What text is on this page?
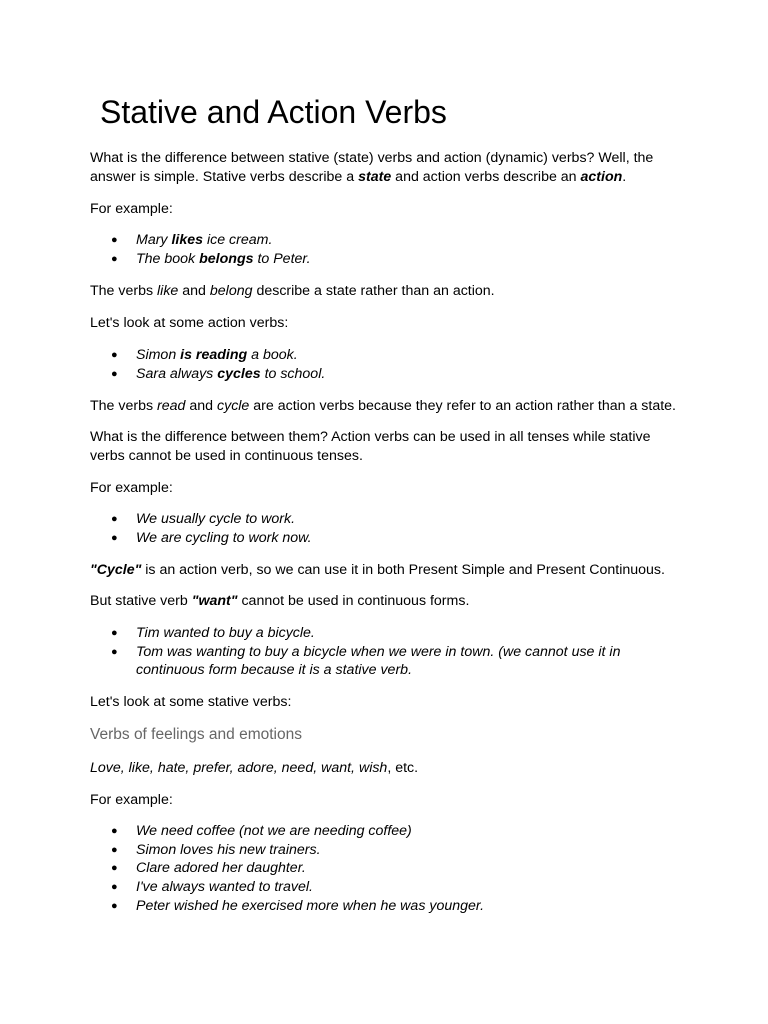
Stative and Action Verbs

What is the difference between stative (state) verbs and action (dynamic) verbs? Well, the answer is simple. Stative verbs describe a state and action verbs describe an action.

For example:

● Mary likes ice cream.
● The book belongs to Peter.

The verbs like and belong describe a state rather than an action.

Let's look at some action verbs:

● Simon is reading a book.
● Sara always cycles to school.

The verbs read and cycle are action verbs because they refer to an action rather than a state.

What is the difference between them? Action verbs can be used in all tenses while stative verbs cannot be used in continuous tenses.

For example:

● We usually cycle to work.
● We are cycling to work now.

"Cycle" is an action verb, so we can use it in both Present Simple and Present Continuous.

But stative verb "want" cannot be used in continuous forms.

● Tim wanted to buy a bicycle.
● Tom was wanting to buy a bicycle when we were in town. (we cannot use it in continuous form because it is a stative verb.

Let's look at some stative verbs:

Verbs of feelings and emotions

Love, like, hate, prefer, adore, need, want, wish, etc.

For example:

● We need coffee (not we are needing coffee)
● Simon loves his new trainers.
● Clare adored her daughter.
● I've always wanted to travel.
● Peter wished he exercised more when he was younger.
